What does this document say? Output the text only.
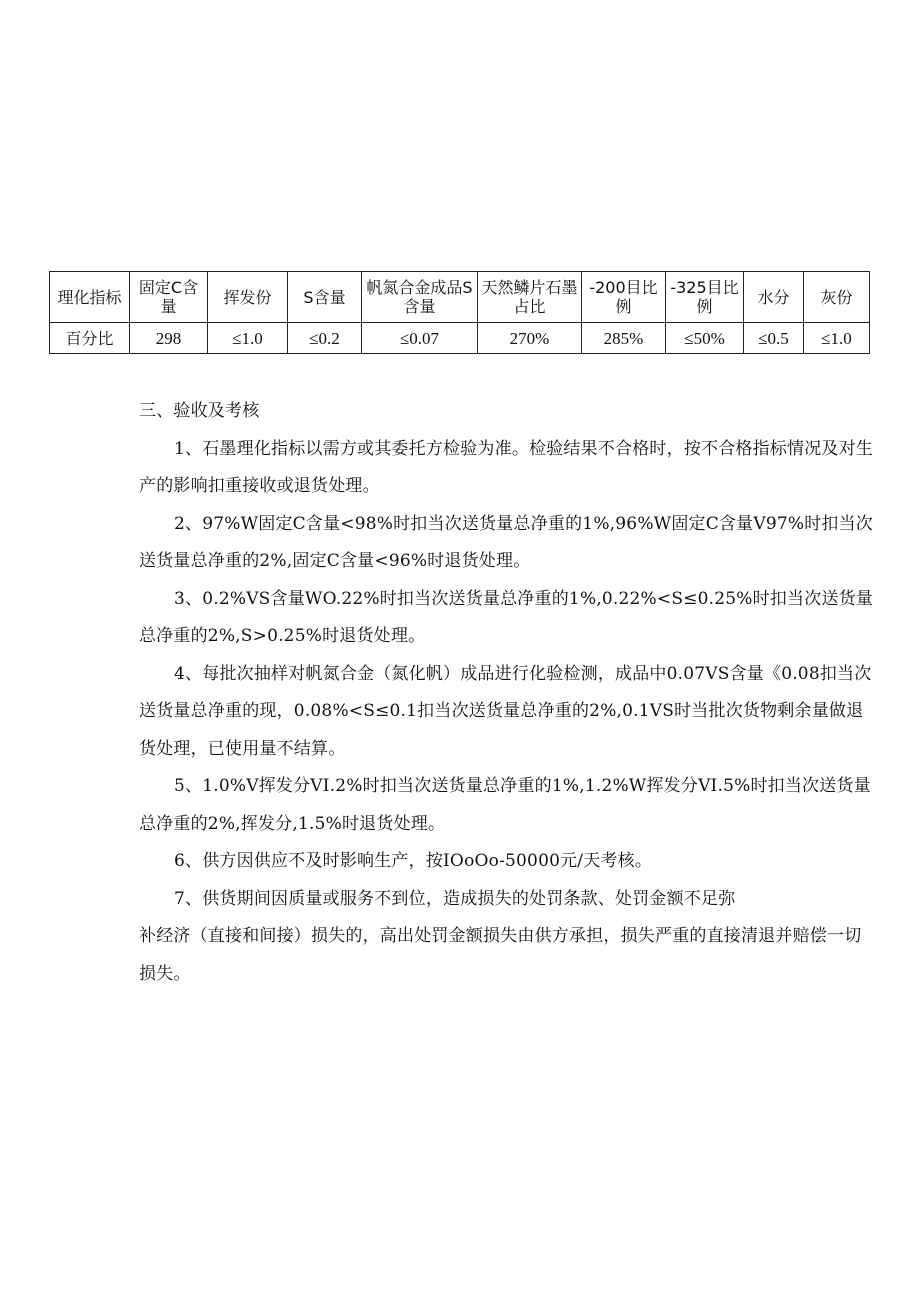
理化指标	固定C含量	挥发份	S含量	帆氮合金成品S含量	天然鳞片石墨占比	-200目比例	-325目比例	水分	灰份
百分比	298	≤1.0	≤0.2	≤0.07	270%	285%	≤50%	≤0.5	≤1.0

三、验收及考核

1、石墨理化指标以需方或其委托方检验为准。检验结果不合格时，按不合格指标情况及对生产的影响扣重接收或退货处理。

2、97%W固定C含量<98%时扣当次送货量总净重的1%,96%W固定C含量V97%时扣当次送货量总净重的2%,固定C含量<96%时退货处理。

3、0.2%VS含量WO.22%时扣当次送货量总净重的1%,0.22%<S≤0.25%时扣当次送货量总净重的2%,S>0.25%时退货处理。

4、每批次抽样对帆氮合金（氮化帆）成品进行化验检测，成品中0.07VS含量《0.08扣当次送货量总净重的现，0.08%<S≤0.1扣当次送货量总净重的2%,0.1VS时当批次货物剩余量做退货处理，已使用量不结算。

5、1.0%V挥发分VI.2%时扣当次送货量总净重的1%,1.2%W挥发分VI.5%时扣当次送货量总净重的2%,挥发分,1.5%时退货处理。

6、供方因供应不及时影响生产，按IOoOo-50000元/天考核。

7、供货期间因质量或服务不到位，造成损失的处罚条款、处罚金额不足弥

补经济（直接和间接）损失的，高出处罚金额损失由供方承担，损失严重的直接清退并赔偿一切损失。
